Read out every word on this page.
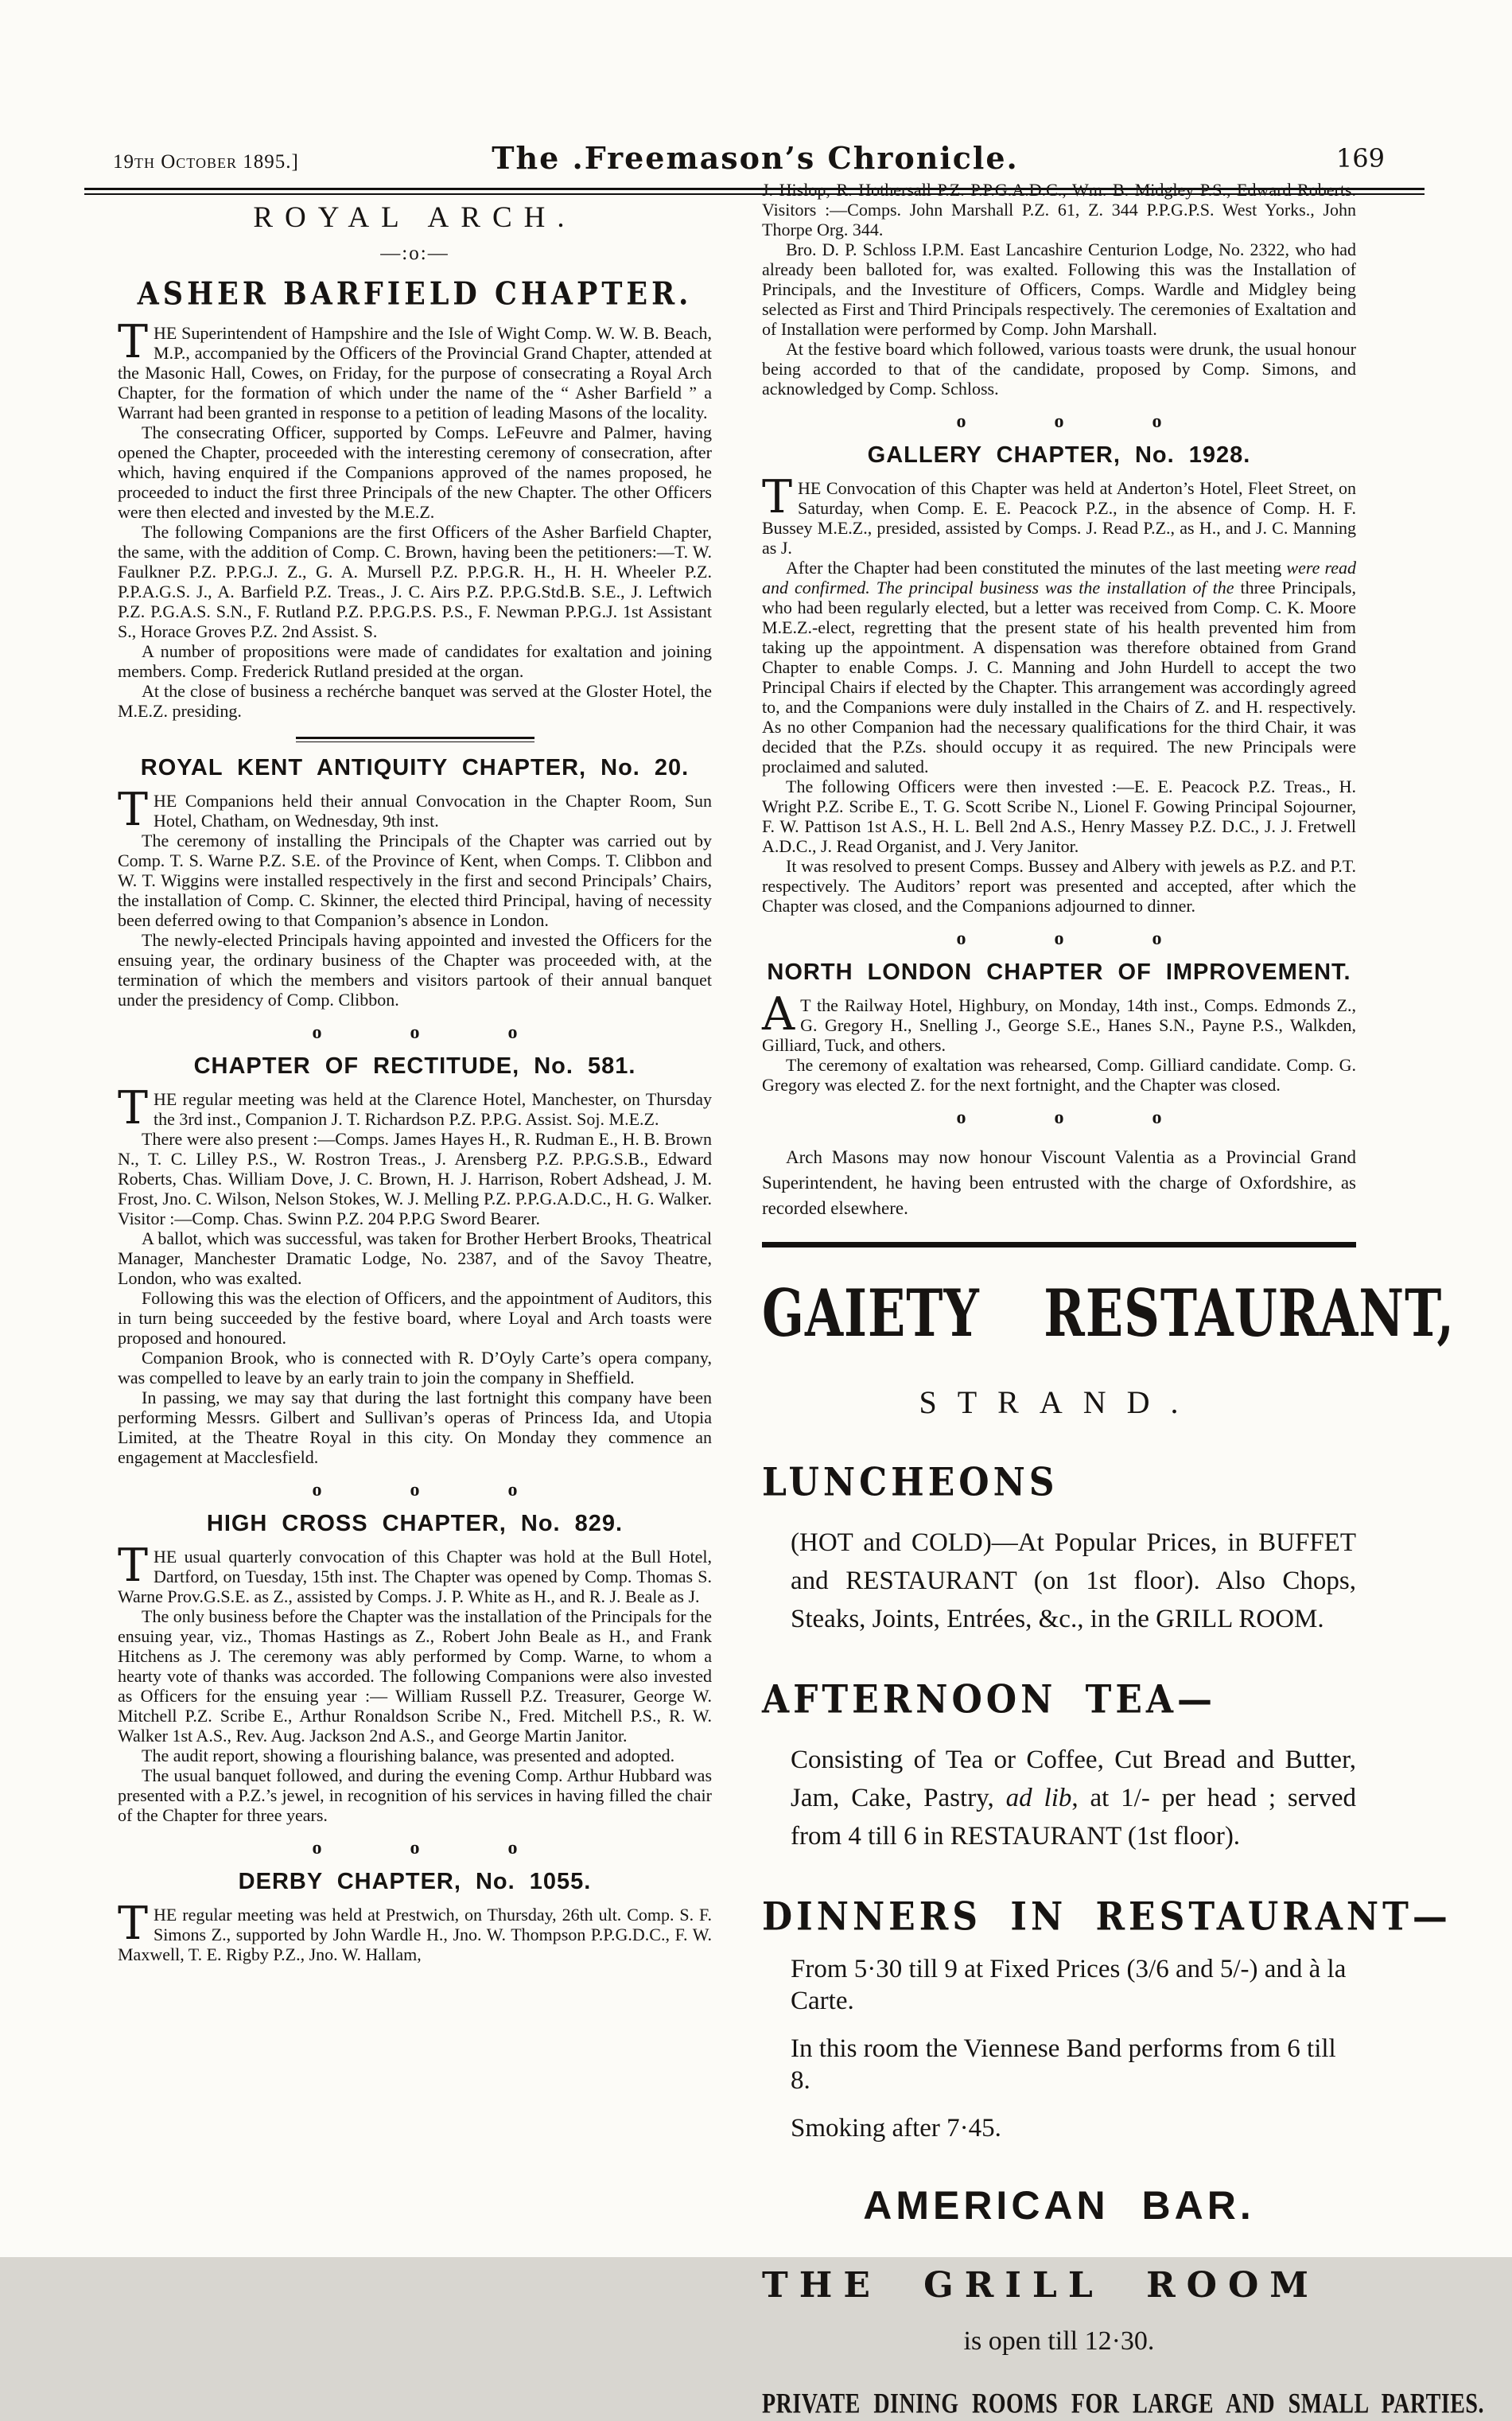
19th October 1895.]	The .Freemason’s Chronicle.	169
ROYAL ARCH.
—:o:—
ASHER BARFIELD CHAPTER.

THE Superintendent of Hampshire and the Isle of Wight Comp. W. W. B. Beach, M.P., accompanied by the Officers of the Provincial Grand Chapter, attended at the Masonic Hall, Cowes, on Friday, for the purpose of consecrating a Royal Arch Chapter, for the formation of which under the name of the “ Asher Barfield ” a Warrant had been granted in response to a petition of leading Masons of the locality.

The consecrating Officer, supported by Comps. LeFeuvre and Palmer, having opened the Chapter, proceeded with the interesting ceremony of consecration, after which, having enquired if the Companions approved of the names proposed, he proceeded to induct the first three Principals of the new Chapter. The other Officers were then elected and invested by the M.E.Z.

The following Companions are the first Officers of the Asher Barfield Chapter, the same, with the addition of Comp. C. Brown, having been the petitioners:—T. W. Faulkner P.Z. P.P.G.J. Z., G. A. Mursell P.Z. P.P.G.R. H., H. H. Wheeler P.Z. P.P.A.G.S. J., A. Barfield P.Z. Treas., J. C. Airs P.Z. P.P.G.Std.B. S.E., J. Leftwich P.Z. P.G.A.S. S.N., F. Rutland P.Z. P.P.G.P.S. P.S., F. Newman P.P.G.J. 1st Assistant S., Horace Groves P.Z. 2nd Assist. S.

A number of propositions were made of candidates for exaltation and joining members. Comp. Frederick Rutland presided at the organ.

At the close of business a rechérche banquet was served at the Gloster Hotel, the M.E.Z. presiding.

ROYAL KENT ANTIQUITY CHAPTER, No. 20.

THE Companions held their annual Convocation in the Chapter Room, Sun Hotel, Chatham, on Wednesday, 9th inst.

The ceremony of installing the Principals of the Chapter was carried out by Comp. T. S. Warne P.Z. S.E. of the Province of Kent, when Comps. T. Clibbon and W. T. Wiggins were installed respectively in the first and second Principals’ Chairs, the installation of Comp. C. Skinner, the elected third Principal, having of necessity been deferred owing to that Companion’s absence in London.

The newly-elected Principals having appointed and invested the Officers for the ensuing year, the ordinary business of the Chapter was proceeded with, at the termination of which the members and visitors partook of their annual banquet under the presidency of Comp. Clibbon.

o o o
CHAPTER OF RECTITUDE, No. 581.

THE regular meeting was held at the Clarence Hotel, Manchester, on Thursday the 3rd inst., Companion J. T. Richardson P.Z. P.P.G. Assist. Soj. M.E.Z.

There were also present :—Comps. James Hayes H., R. Rudman E., H. B. Brown N., T. C. Lilley P.S., W. Rostron Treas., J. Arensberg P.Z. P.P.G.S.B., Edward Roberts, Chas. William Dove, J. C. Brown, H. J. Harrison, Robert Adshead, J. M. Frost, Jno. C. Wilson, Nelson Stokes, W. J. Melling P.Z. P.P.G.A.D.C., H. G. Walker. Visitor :—Comp. Chas. Swinn P.Z. 204 P.P.G Sword Bearer.

A ballot, which was successful, was taken for Brother Herbert Brooks, Theatrical Manager, Manchester Dramatic Lodge, No. 2387, and of the Savoy Theatre, London, who was exalted.

Following this was the election of Officers, and the appointment of Auditors, this in turn being succeeded by the festive board, where Loyal and Arch toasts were proposed and honoured.

Companion Brook, who is connected with R. D’Oyly Carte’s opera company, was compelled to leave by an early train to join the company in Sheffield.

In passing, we may say that during the last fortnight this company have been performing Messrs. Gilbert and Sullivan’s operas of Princess Ida, and Utopia Limited, at the Theatre Royal in this city. On Monday they commence an engagement at Macclesfield.

o o o
HIGH CROSS CHAPTER, No. 829.

THE usual quarterly convocation of this Chapter was hold at the Bull Hotel, Dartford, on Tuesday, 15th inst. The Chapter was opened by Comp. Thomas S. Warne Prov.G.S.E. as Z., assisted by Comps. J. P. White as H., and R. J. Beale as J.

The only business before the Chapter was the installation of the Principals for the ensuing year, viz., Thomas Hastings as Z., Robert John Beale as H., and Frank Hitchens as J. The ceremony was ably performed by Comp. Warne, to whom a hearty vote of thanks was accorded. The following Companions were also invested as Officers for the ensuing year :— William Russell P.Z. Treasurer, George W. Mitchell P.Z. Scribe E., Arthur Ronaldson Scribe N., Fred. Mitchell P.S., R. W. Walker 1st A.S., Rev. Aug. Jackson 2nd A.S., and George Martin Janitor.

The audit report, showing a flourishing balance, was presented and adopted.

The usual banquet followed, and during the evening Comp. Arthur Hubbard was presented with a P.Z.’s jewel, in recognition of his services in having filled the chair of the Chapter for three years.

o o o
DERBY CHAPTER, No. 1055.

THE regular meeting was held at Prestwich, on Thursday, 26th ult. Comp. S. F. Simons Z., supported by John Wardle H., Jno. W. Thompson P.P.G.D.C., F. W. Maxwell, T. E. Rigby P.Z., Jno. W. Hallam,

J. Hislop, R. Hothersall P.Z. P.P.G.A.D.C., Wm. B. Midgley P.S., Edward Roberts. Visitors :—Comps. John Marshall P.Z. 61, Z. 344 P.P.G.P.S. West Yorks., John Thorpe Org. 344.

Bro. D. P. Schloss I.P.M. East Lancashire Centurion Lodge, No. 2322, who had already been balloted for, was exalted. Following this was the Installation of Principals, and the Investiture of Officers, Comps. Wardle and Midgley being selected as First and Third Principals respectively. The ceremonies of Exaltation and of Installation were performed by Comp. John Marshall.

At the festive board which followed, various toasts were drunk, the usual honour being accorded to that of the candidate, proposed by Comp. Simons, and acknowledged by Comp. Schloss.

o o o
GALLERY CHAPTER, No. 1928.

THE Convocation of this Chapter was held at Anderton’s Hotel, Fleet Street, on Saturday, when Comp. E. E. Peacock P.Z., in the absence of Comp. H. F. Bussey M.E.Z., presided, assisted by Comps. J. Read P.Z., as H., and J. C. Manning as J.

After the Chapter had been constituted the minutes of the last meeting were read and confirmed. The principal business was the installation of the three Principals, who had been regularly elected, but a letter was received from Comp. C. K. Moore M.E.Z.-elect, regretting that the present state of his health prevented him from taking up the appointment. A dispensation was therefore obtained from Grand Chapter to enable Comps. J. C. Manning and John Hurdell to accept the two Principal Chairs if elected by the Chapter. This arrangement was accordingly agreed to, and the Companions were duly installed in the Chairs of Z. and H. respectively. As no other Companion had the necessary qualifications for the third Chair, it was decided that the P.Zs. should occupy it as required. The new Principals were proclaimed and saluted.

The following Officers were then invested :—E. E. Peacock P.Z. Treas., H. Wright P.Z. Scribe E., T. G. Scott Scribe N., Lionel F. Gowing Principal Sojourner, F. W. Pattison 1st A.S., H. L. Bell 2nd A.S., Henry Massey P.Z. D.C., J. J. Fretwell A.D.C., J. Read Organist, and J. Very Janitor.

It was resolved to present Comps. Bussey and Albery with jewels as P.Z. and P.T. respectively. The Auditors’ report was presented and accepted, after which the Chapter was closed, and the Companions adjourned to dinner.

o o o
NORTH LONDON CHAPTER OF IMPROVEMENT.

A T the Railway Hotel, Highbury, on Monday, 14th inst., Comps. Edmonds Z., G. Gregory H., Snelling J., George S.E., Hanes S.N., Payne P.S., Walkden, Gilliard, Tuck, and others.

The ceremony of exaltation was rehearsed, Comp. Gilliard candidate. Comp. G. Gregory was elected Z. for the next fortnight, and the Chapter was closed.

o o o

Arch Masons may now honour Viscount Valentia as a Provincial Grand Superintendent, he having been entrusted with the charge of Oxfordshire, as recorded elsewhere.

GAIETY RESTAURANT,
STRAND.
LUNCHEONS

(HOT and COLD)—At Popular Prices, in BUFFET and RESTAURANT (on 1st floor). Also Chops, Steaks, Joints, Entrées, &c., in the GRILL ROOM.

AFTERNOON TEA—

Consisting of Tea or Coffee, Cut Bread and Butter, Jam, Cake, Pastry, ad lib, at 1/- per head ; served from 4 till 6 in RESTAURANT (1st floor).

DINNERS IN RESTAURANT—

From 5·30 till 9 at Fixed Prices (3/6 and 5/-) and à la Carte.

In this room the Viennese Band performs from 6 till 8.

Smoking after 7·45.

AMERICAN BAR.
THE GRILL ROOM
is open till 12·30.
PRIVATE DINING ROOMS FOR LARGE AND SMALL PARTIES.
